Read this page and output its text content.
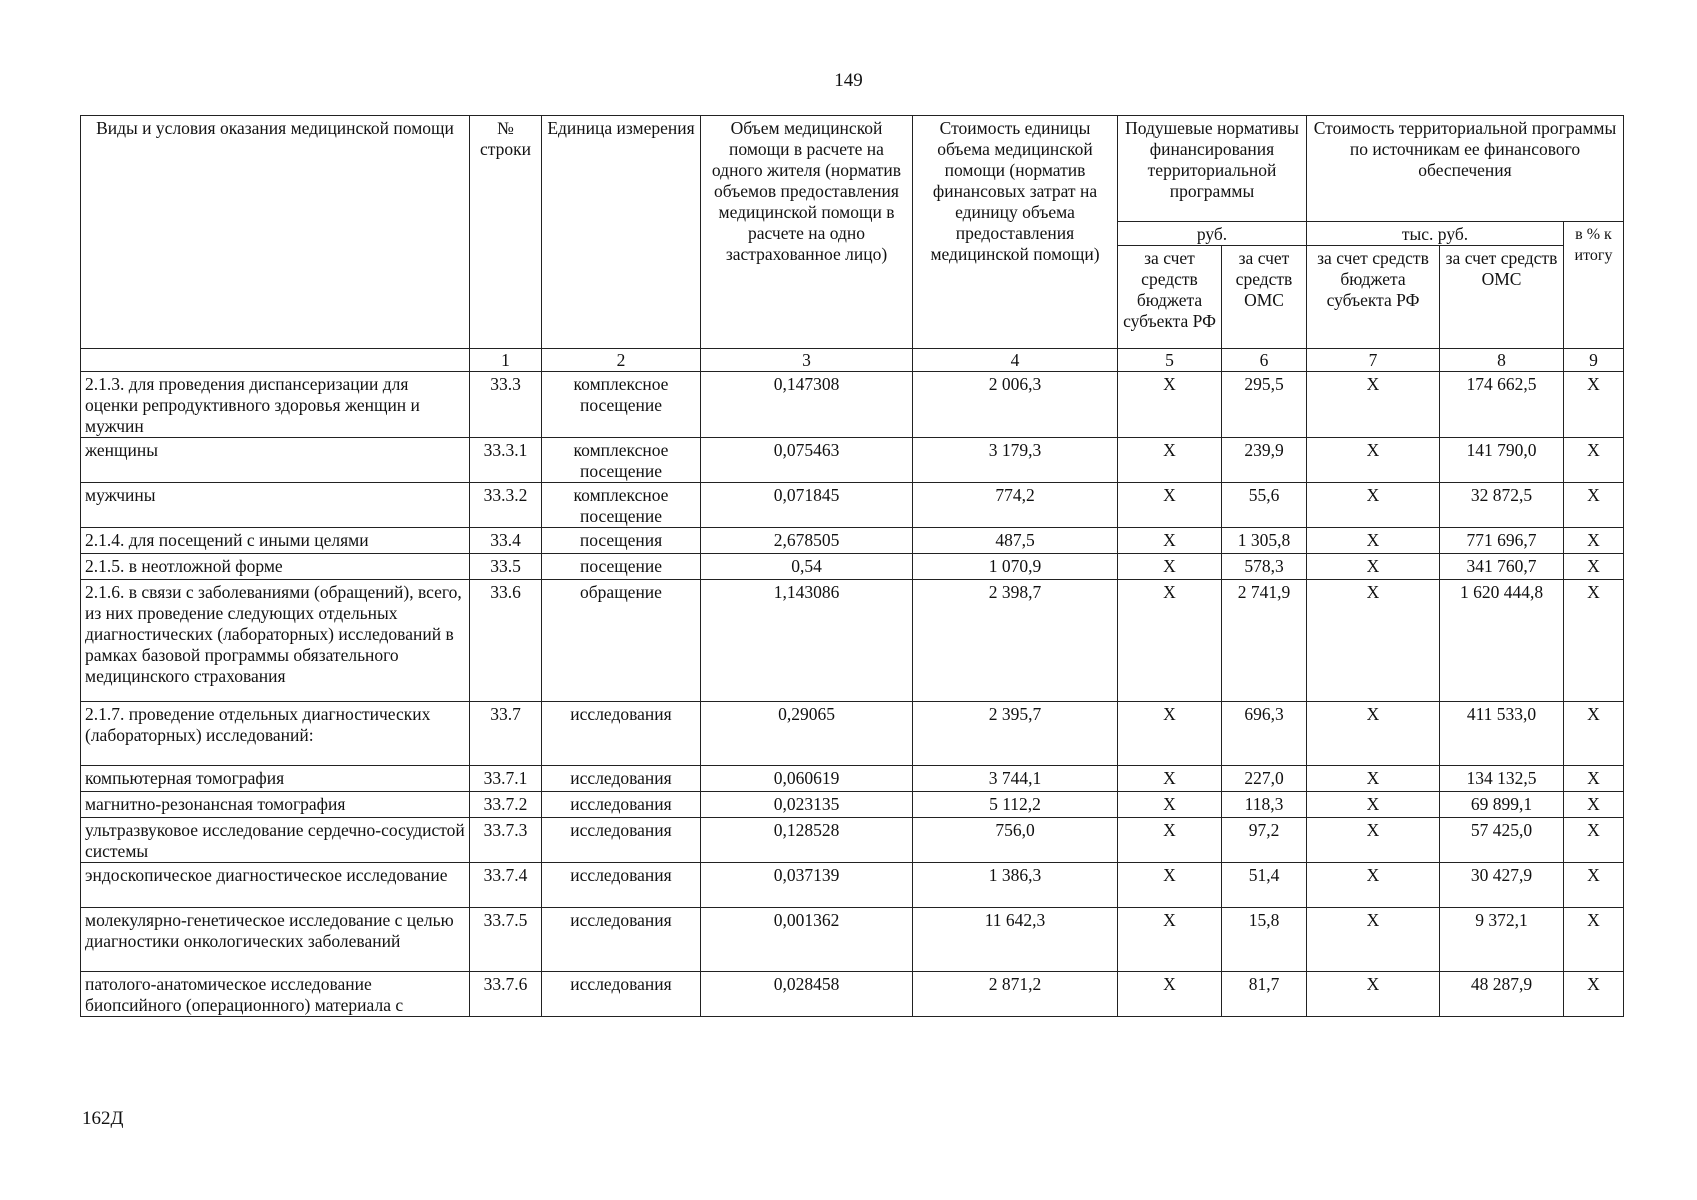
149
Виды и условия оказания медицинской помощи	№ строки	Единица измерения	Объем медицинской помощи в расчете на одного жителя (норматив объемов предоставления медицинской помощи в расчете на одно застрахованное лицо)	Стоимость единицы объема медицинской помощи (норматив финансовых затрат на единицу объема предоставления медицинской помощи)	Подушевые нормативы финансирования территориальной программы		Стоимость территориальной программы по источникам ее финансового обеспечения		
					руб.		тыс. руб.		в % к итогу
					за счет средств бюджета субъекта РФ	за счет средств ОМС	за счет средств бюджета субъекта РФ	за счет средств ОМС	
	1	2	3	4	5	6	7	8	9
2.1.3. для проведения диспансеризации для оценки репродуктивного здоровья женщин и мужчин	33.3	комплексное посещение	0,147308	2 006,3	Х	295,5	Х	174 662,5	Х
женщины	33.3.1	комплексное посещение	0,075463	3 179,3	Х	239,9	Х	141 790,0	Х
мужчины	33.3.2	комплексное посещение	0,071845	774,2	Х	55,6	Х	32 872,5	Х
2.1.4. для посещений с иными целями	33.4	посещения	2,678505	487,5	Х	1 305,8	Х	771 696,7	Х
2.1.5. в неотложной форме	33.5	посещение	0,54	1 070,9	Х	578,3	Х	341 760,7	Х
2.1.6. в связи с заболеваниями (обращений), всего, из них проведение следующих отдельных диагностических (лабораторных) исследований в рамках базовой программы обязательного медицинского страхования	33.6	обращение	1,143086	2 398,7	Х	2 741,9	Х	1 620 444,8	Х
2.1.7. проведение отдельных диагностических (лабораторных) исследований:	33.7	исследования	0,29065	2 395,7	Х	696,3	Х	411 533,0	Х
компьютерная томография	33.7.1	исследования	0,060619	3 744,1	Х	227,0	Х	134 132,5	Х
магнитно-резонансная томография	33.7.2	исследования	0,023135	5 112,2	Х	118,3	Х	69 899,1	Х
ультразвуковое исследование сердечно-сосудистой системы	33.7.3	исследования	0,128528	756,0	Х	97,2	Х	57 425,0	Х
эндоскопическое диагностическое исследование	33.7.4	исследования	0,037139	1 386,3	Х	51,4	Х	30 427,9	Х
молекулярно-генетическое исследование с целью диагностики онкологических заболеваний	33.7.5	исследования	0,001362	11 642,3	Х	15,8	Х	9 372,1	Х
патолого-анатомическое исследование биопсийного (операционного) материала с	33.7.6	исследования	0,028458	2 871,2	Х	81,7	Х	48 287,9	Х
162Д
